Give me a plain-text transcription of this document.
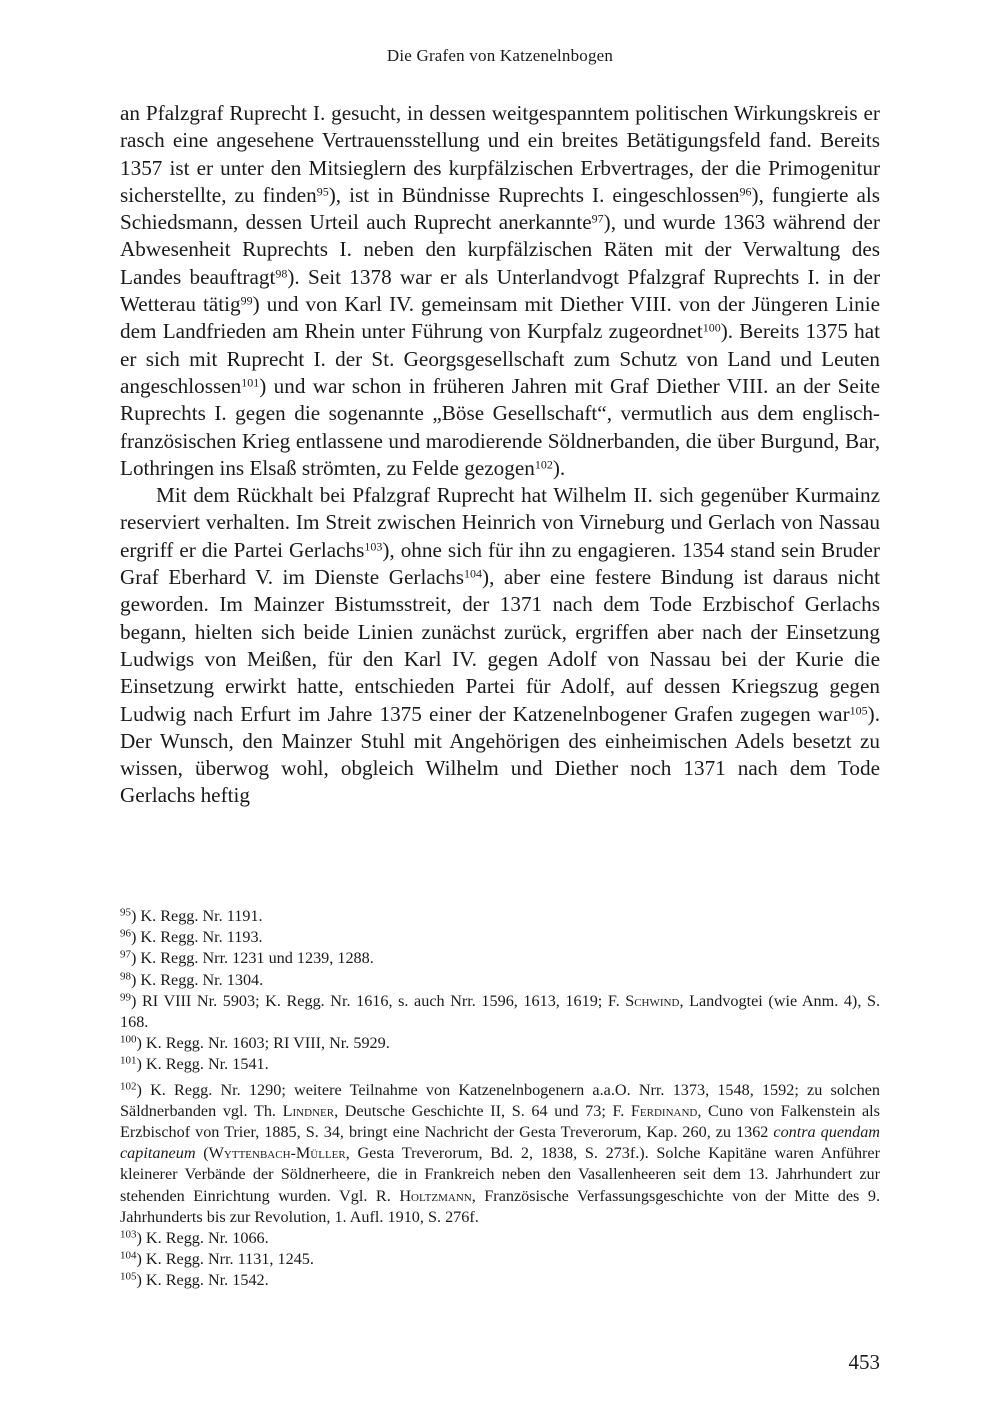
Die Grafen von Katzenelnbogen

an Pfalzgraf Ruprecht I. gesucht, in dessen weitgespanntem politischen Wirkungskreis er rasch eine angesehene Vertrauensstellung und ein breites Betätigungsfeld fand. Bereits 1357 ist er unter den Mitsieglern des kurpfälzischen Erbvertrages, der die Primogenitur sicherstellte, zu finden$^{95}$), ist in Bündnisse Ruprechts I. eingeschlossen$^{96}$), fungierte als Schiedsmann, dessen Urteil auch Ruprecht anerkannte$^{97}$), und wurde 1363 während der Abwesenheit Ruprechts I. neben den kurpfälzischen Räten mit der Verwaltung des Landes beauftragt$^{98}$). Seit 1378 war er als Unterlandvogt Pfalzgraf Ruprechts I. in der Wetterau tätig$^{99}$) und von Karl IV. gemeinsam mit Diether VIII. von der Jüngeren Linie dem Landfrieden am Rhein unter Führung von Kurpfalz zugeordnet$^{100}$). Bereits 1375 hat er sich mit Ruprecht I. der St. Georgsgesellschaft zum Schutz von Land und Leuten angeschlossen$^{101}$) und war schon in früheren Jahren mit Graf Diether VIII. an der Seite Ruprechts I. gegen die sogenannte „Böse Gesellschaft“, vermutlich aus dem englisch-französischen Krieg entlassene und marodierende Söldnerbanden, die über Burgund, Bar, Lothringen ins Elsaß strömten, zu Felde gezogen$^{102}$).

Mit dem Rückhalt bei Pfalzgraf Ruprecht hat Wilhelm II. sich gegenüber Kurmainz reserviert verhalten. Im Streit zwischen Heinrich von Virneburg und Gerlach von Nassau ergriff er die Partei Gerlachs$^{103}$), ohne sich für ihn zu engagieren. 1354 stand sein Bruder Graf Eberhard V. im Dienste Gerlachs$^{104}$), aber eine festere Bindung ist daraus nicht geworden. Im Mainzer Bistumsstreit, der 1371 nach dem Tode Erzbischof Gerlachs begann, hielten sich beide Linien zunächst zurück, ergriffen aber nach der Einsetzung Ludwigs von Meißen, für den Karl IV. gegen Adolf von Nassau bei der Kurie die Einsetzung erwirkt hatte, entschieden Partei für Adolf, auf dessen Kriegszug gegen Ludwig nach Erfurt im Jahre 1375 einer der Katzenelnbogener Grafen zugegen war$^{105}$). Der Wunsch, den Mainzer Stuhl mit Angehörigen des einheimischen Adels besetzt zu wissen, überwog wohl, obgleich Wilhelm und Diether noch 1371 nach dem Tode Gerlachs heftig

$^{95}$) K. Regg. Nr. 1191.

$^{96}$) K. Regg. Nr. 1193.

$^{97}$) K. Regg. Nrr. 1231 und 1239, 1288.

$^{98}$) K. Regg. Nr. 1304.

$^{99}$) RI VIII Nr. 5903; K. Regg. Nr. 1616, s. auch Nrr. 1596, 1613, 1619; F. Schwind, Landvogtei (wie Anm. 4), S. 168.

$^{100}$) K. Regg. Nr. 1603; RI VIII, Nr. 5929.

$^{101}$) K. Regg. Nr. 1541.

$^{102}$) K. Regg. Nr. 1290; weitere Teilnahme von Katzenelnbogenern a.a.O. Nrr. 1373, 1548, 1592; zu solchen Säldnerbanden vgl. Th. Lindner, Deutsche Geschichte II, S. 64 und 73; F. Ferdinand, Cuno von Falkenstein als Erzbischof von Trier, 1885, S. 34, bringt eine Nachricht der Gesta Treverorum, Kap. 260, zu 1362 contra quendam capitaneum (Wyttenbach-Müller, Gesta Treverorum, Bd. 2, 1838, S. 273f.). Solche Kapitäne waren Anführer kleinerer Verbände der Söldnerheere, die in Frankreich neben den Vasallenheeren seit dem 13. Jahrhundert zur stehenden Einrichtung wurden. Vgl. R. Holtzmann, Französische Verfassungsgeschichte von der Mitte des 9. Jahrhunderts bis zur Revolution, 1. Aufl. 1910, S. 276f.

$^{103}$) K. Regg. Nr. 1066.

$^{104}$) K. Regg. Nrr. 1131, 1245.

$^{105}$) K. Regg. Nr. 1542.

453
